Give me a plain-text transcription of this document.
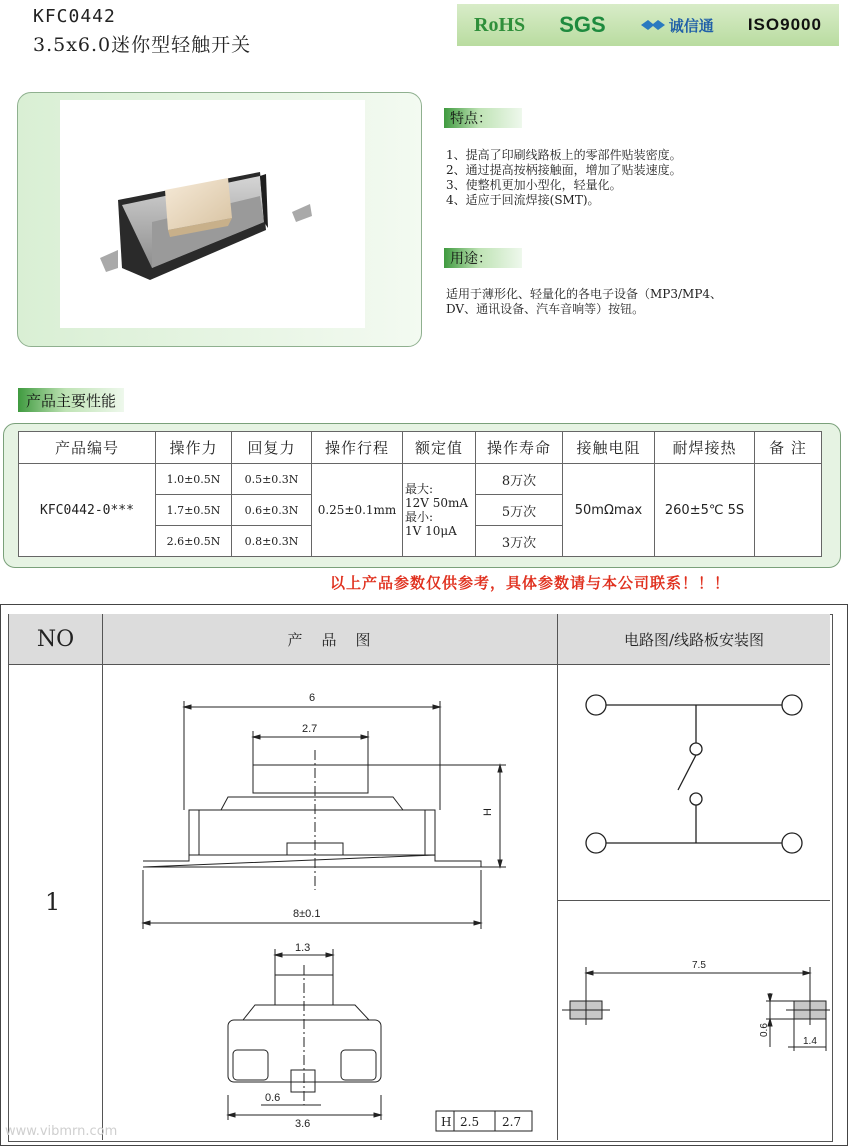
KFC0442
3.5x6.0迷你型轻触开关
RoHS SGS	诚信通 ISO9000
特点：
1、提高了印刷线路板上的零部件贴装密度。
2、通过提高按柄接触面，增加了贴装速度。
3、使整机更加小型化，轻量化。
4、适应于回流焊接(SMT)。
用途：
适用于薄形化、轻量化的各电子设备（MP3/MP4、
DV、通讯设备、汽车音响等）按钮。
产品主要性能
产品编号	操作力	回复力	操作行程	额定值	操作寿命	接触电阻	耐焊接热	备 注
KFC0442-0***	1.0±0.5N	0.5±0.3N	0.25±0.1mm	最大:
12V 50mA
最小:
1V 10μA	8万次	50mΩmax	260±5℃ 5S	
	1.7±0.5N	0.6±0.3N			5万次			
	2.6±0.5N	0.8±0.3N			3万次			
以上产品参数仅供参考，具体参数请与本公司联系！！！
NO	产　品　图	电路图/线路板安装图
1
6
2.7
H
8±0.1
1.3
0.6
3.6	H 2.5 2.7
7.5
0.6
1.4
www.vibmrn.com
